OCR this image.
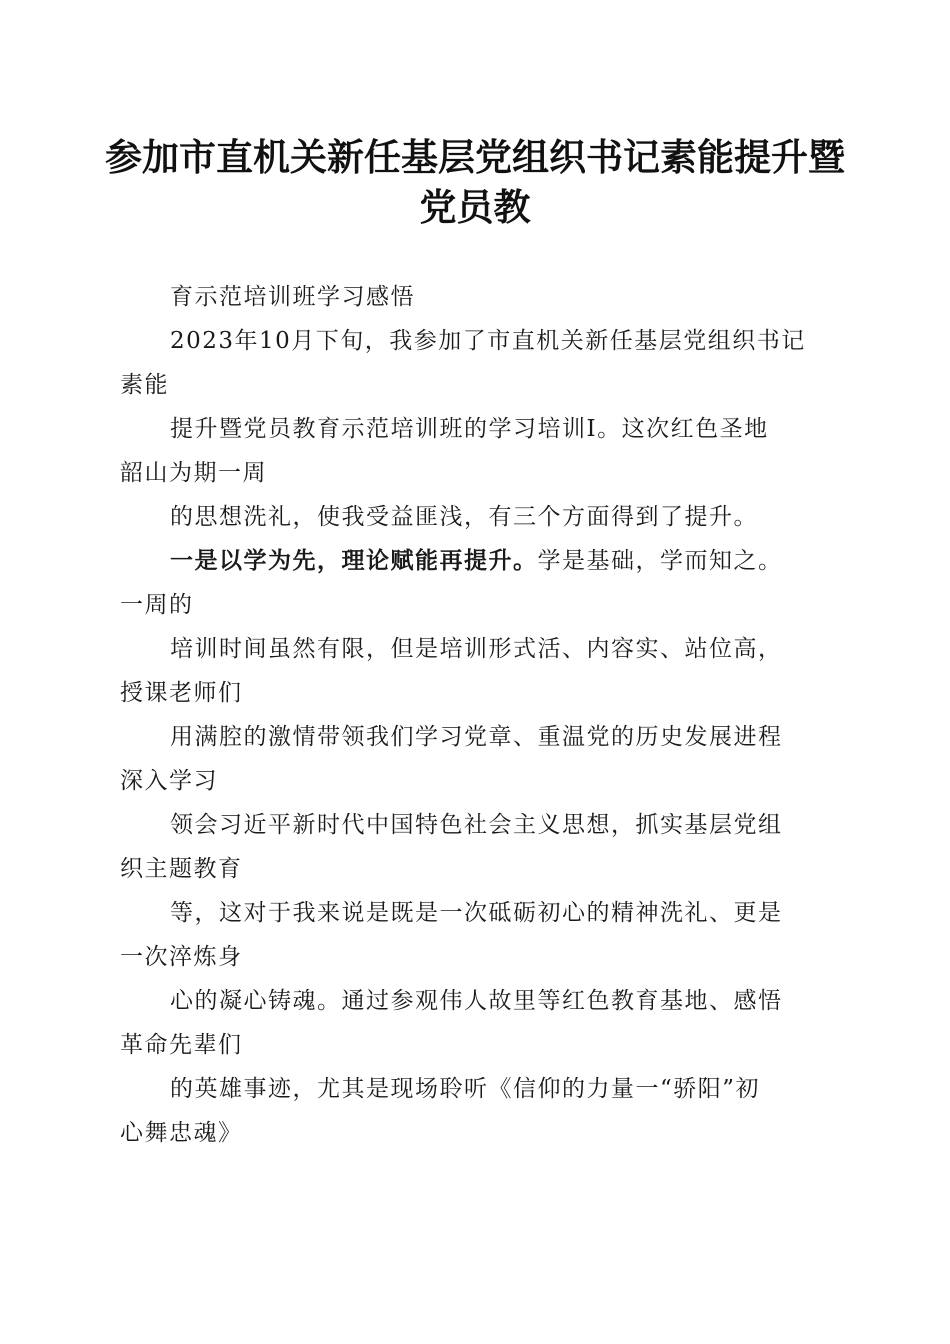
参加市直机关新任基层党组织书记素能提升暨
党员教
育示范培训班学习感悟
2023年10月下旬，我参加了市直机关新任基层党组织书记
素能
提升暨党员教育示范培训班的学习培训Ⅰ。这次红色圣地
韶山为期一周
的思想洗礼，使我受益匪浅，有三个方面得到了提升。
一是以学为先，理论赋能再提升。学是基础，学而知之。
一周的
培训时间虽然有限，但是培训形式活、内容实、站位高，
授课老师们
用满腔的激情带领我们学习党章、重温党的历史发展进程
深入学习
领会习近平新时代中国特色社会主义思想，抓实基层党组
织主题教育
等，这对于我来说是既是一次砥砺初心的精神洗礼、更是
一次淬炼身
心的凝心铸魂。通过参观伟人故里等红色教育基地、感悟
革命先辈们
的英雄事迹，尤其是现场聆听《信仰的力量一“骄阳”初
心舞忠魂》
